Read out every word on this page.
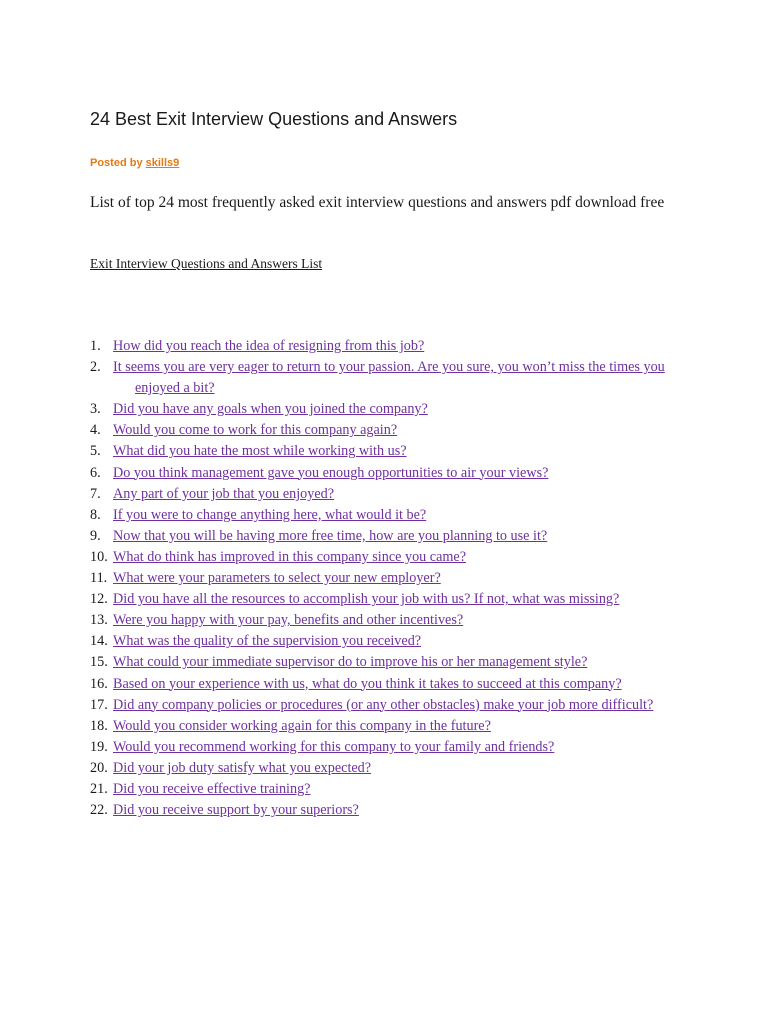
24 Best Exit Interview Questions and Answers
Posted by skills9
List of top 24 most frequently asked exit interview questions and answers pdf download free
Exit Interview Questions and Answers List
1. How did you reach the idea of resigning from this job?
2. It seems you are very eager to return to your passion. Are you sure, you won’t miss the times you enjoyed a bit?
3. Did you have any goals when you joined the company?
4. Would you come to work for this company again?
5. What did you hate the most while working with us?
6. Do you think management gave you enough opportunities to air your views?
7. Any part of your job that you enjoyed?
8. If you were to change anything here, what would it be?
9. Now that you will be having more free time, how are you planning to use it?
10. What do think has improved in this company since you came?
11. What were your parameters to select your new employer?
12. Did you have all the resources to accomplish your job with us? If not, what was missing?
13. Were you happy with your pay, benefits and other incentives?
14. What was the quality of the supervision you received?
15. What could your immediate supervisor do to improve his or her management style?
16. Based on your experience with us, what do you think it takes to succeed at this company?
17. Did any company policies or procedures (or any other obstacles) make your job more difficult?
18. Would you consider working again for this company in the future?
19. Would you recommend working for this company to your family and friends?
20. Did your job duty satisfy what you expected?
21. Did you receive effective training?
22. Did you receive support by your superiors?
